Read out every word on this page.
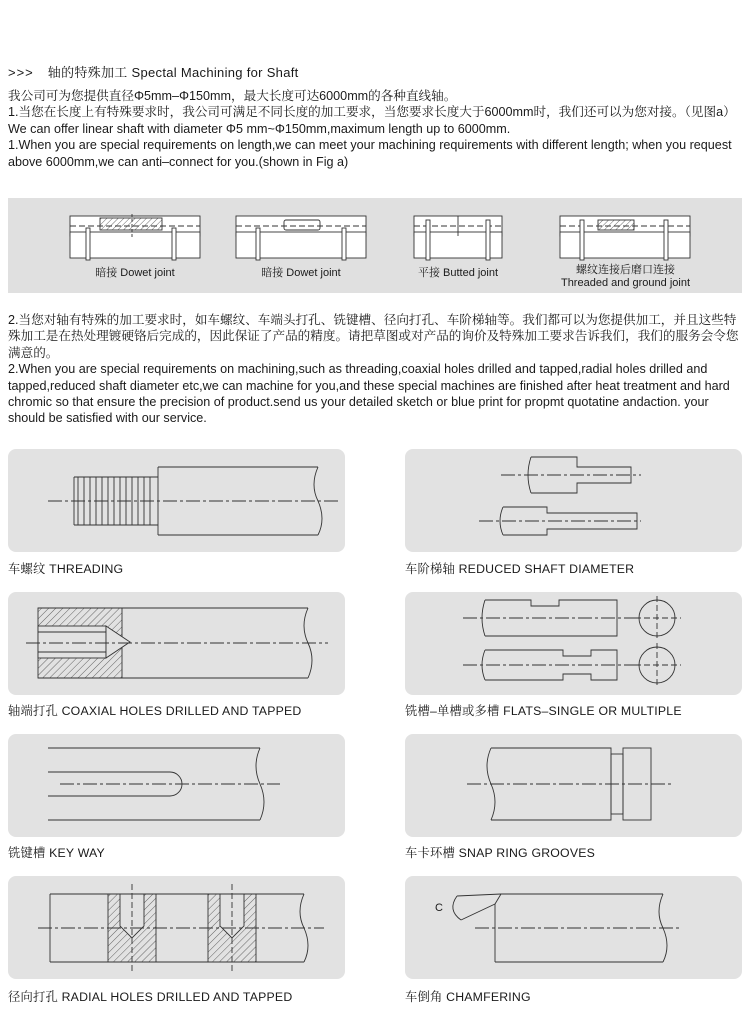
>>> 轴的特殊加工 Spectal Machining for Shaft
我公司可为您提供直径Φ5mm–Φ150mm，最大长度可达6000mm的各种直线轴。
1.当您在长度上有特殊要求时，我公司可满足不同长度的加工要求，当您要求长度大于6000mm时，我们还可以为您对接。（见图a）
We can offer linear shaft with diameter Φ5 mm~Φ150mm,maximum length up to 6000mm.
1.When you are special requirements on length,we can meet your machining requirements with different length; when you request above 6000mm,we can anti–connect for you.(shown in Fig a)
暗接 Dowet joint	暗接 Dowet joint	平接 Butted joint	螺纹连接后磨口连接
Threaded and ground joint
2.当您对轴有特殊的加工要求时，如车螺纹、车端头打孔、铣键槽、径向打孔、车阶梯轴等。我们都可以为您提供加工，并且这些特殊加工是在热处理镀硬铬后完成的，因此保证了产品的精度。请把草图或对产品的询价及特殊加工要求告诉我们，我们的服务会令您满意的。
2.When you are special requirements on machining,such as threading,coaxial holes drilled and tapped,radial holes drilled and tapped,reduced shaft diameter etc,we can machine for you,and these special machines are finished after heat treatment and hard chromic so that ensure the precision of product.send us your detailed sketch or blue print for propmt quotatine andaction. your should be satisfied with our service.
车螺纹 THREADING	车阶梯轴 REDUCED SHAFT DIAMETER
轴端打孔 COAXIAL HOLES DRILLED AND TAPPED	铣槽–单槽或多槽 FLATS–SINGLE OR MULTIPLE
铣键槽 KEY WAY	车卡环槽 SNAP RING GROOVES
径向打孔 RADIAL HOLES DRILLED AND TAPPED
C
车倒角 CHAMFERING
